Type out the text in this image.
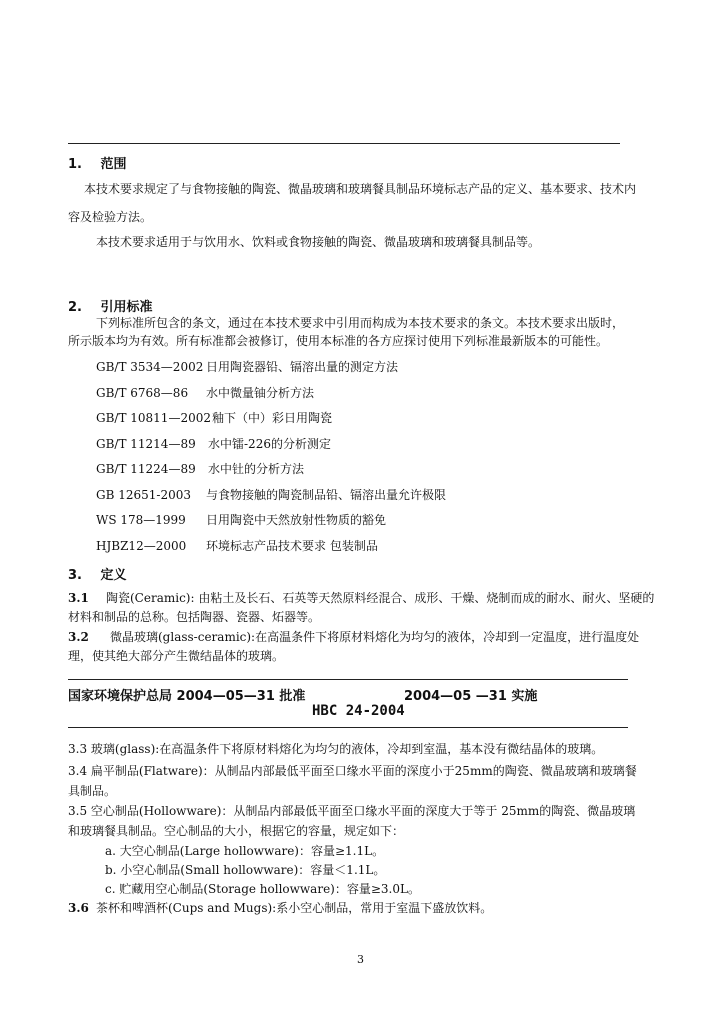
1. 范围
本技术要求规定了与食物接触的陶瓷、微晶玻璃和玻璃餐具制品环境标志产品的定义、基本要求、技术内
容及检验方法。
本技术要求适用于与饮用水、饮料或食物接触的陶瓷、微晶玻璃和玻璃餐具制品等。
2. 引用标准
下列标准所包含的条文，通过在本技术要求中引用而构成为本技术要求的条文。本技术要求出版时，
所示版本均为有效。所有标准都会被修订，使用本标准的各方应探讨使用下列标准最新版本的可能性。
GB/T 3534—2002 日用陶瓷器铅、镉溶出量的测定方法
GB/T 6768—86 水中微量铀分析方法
GB/T 10811—2002釉下（中）彩日用陶瓷
GB/T 11214—89 水中镭-226的分析测定
GB/T 11224—89 水中钍的分析方法
GB 12651-2003 与食物接触的陶瓷制品铅、镉溶出量允许极限
WS 178—1999 日用陶瓷中天然放射性物质的豁免
HJBZ12—2000 环境标志产品技术要求 包装制品
3. 定义
3.1 陶瓷(Ceramic): 由粘土及长石、石英等天然原料经混合、成形、干燥、烧制而成的耐水、耐火、坚硬的
材料和制品的总称。包括陶器、瓷器、炻器等。
3.2 微晶玻璃(glass-ceramic):在高温条件下将原材料熔化为均匀的液体，冷却到一定温度，进行温度处
理，使其绝大部分产生微结晶体的玻璃。
国家环境保护总局 2004—05—31 批准	2004—05 —31 实施
HBC 24-2004
3.3 玻璃(glass):在高温条件下将原材料熔化为均匀的液体，冷却到室温，基本没有微结晶体的玻璃。
3.4 扁平制品(Flatware)：从制品内部最低平面至口缘水平面的深度小于25mm的陶瓷、微晶玻璃和玻璃餐
具制品。
3.5 空心制品(Hollowware)：从制品内部最低平面至口缘水平面的深度大于等于 25mm的陶瓷、微晶玻璃
和玻璃餐具制品。空心制品的大小，根据它的容量，规定如下：
a. 大空心制品(Large hollowware)：容量≥1.1L。
b. 小空心制品(Small hollowware)：容量＜1.1L。
c. 贮藏用空心制品(Storage hollowware)：容量≥3.0L。
3.6 茶杯和啤酒杯(Cups and Mugs):系小空心制品，常用于室温下盛放饮料。
3
